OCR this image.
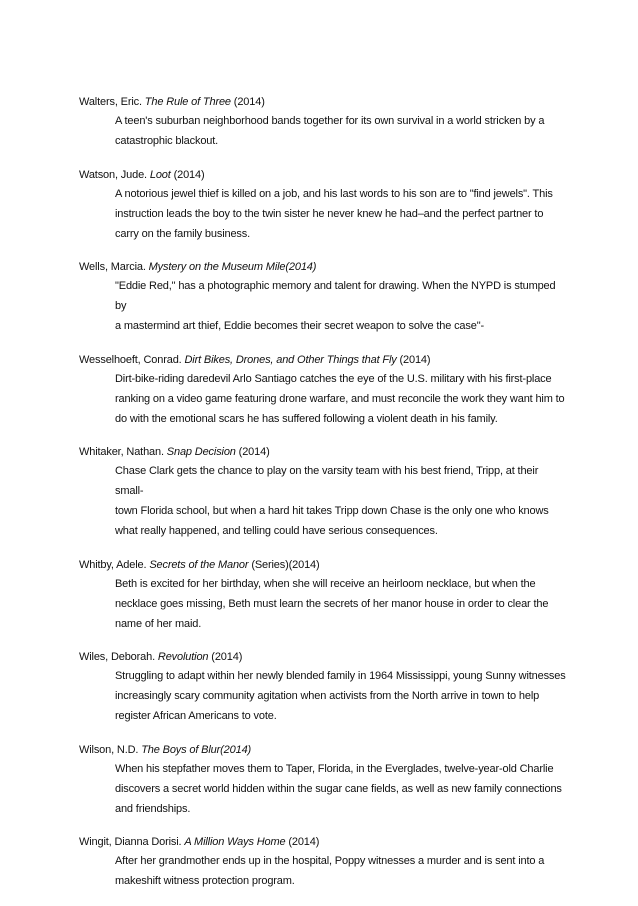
Walters, Eric. The Rule of Three (2014)
A teen's suburban neighborhood bands together for its own survival in a world stricken by a
catastrophic blackout.
Watson, Jude. Loot (2014)
A notorious jewel thief is killed on a job, and his last words to his son are to "find jewels". This
instruction leads the boy to the twin sister he never knew he had–and the perfect partner to
carry on the family business.
Wells, Marcia. Mystery on the Museum Mile(2014)
"Eddie Red," has a photographic memory and talent for drawing. When the NYPD is stumped by
a mastermind art thief, Eddie becomes their secret weapon to solve the case"-
Wesselhoeft, Conrad. Dirt Bikes, Drones, and Other Things that Fly (2014)
Dirt-bike-riding daredevil Arlo Santiago catches the eye of the U.S. military with his first-place
ranking on a video game featuring drone warfare, and must reconcile the work they want him to
do with the emotional scars he has suffered following a violent death in his family.
Whitaker, Nathan. Snap Decision (2014)
Chase Clark gets the chance to play on the varsity team with his best friend, Tripp, at their small-
town Florida school, but when a hard hit takes Tripp down Chase is the only one who knows
what really happened, and telling could have serious consequences.
Whitby, Adele. Secrets of the Manor (Series)(2014)
Beth is excited for her birthday, when she will receive an heirloom necklace, but when the
necklace goes missing, Beth must learn the secrets of her manor house in order to clear the
name of her maid.
Wiles, Deborah. Revolution (2014)
Struggling to adapt within her newly blended family in 1964 Mississippi, young Sunny witnesses
increasingly scary community agitation when activists from the North arrive in town to help
register African Americans to vote.
Wilson, N.D. The Boys of Blur(2014)
When his stepfather moves them to Taper, Florida, in the Everglades, twelve-year-old Charlie
discovers a secret world hidden within the sugar cane fields, as well as new family connections
and friendships.
Wingit, Dianna Dorisi. A Million Ways Home (2014)
After her grandmother ends up in the hospital, Poppy witnesses a murder and is sent into a
makeshift witness protection program.
